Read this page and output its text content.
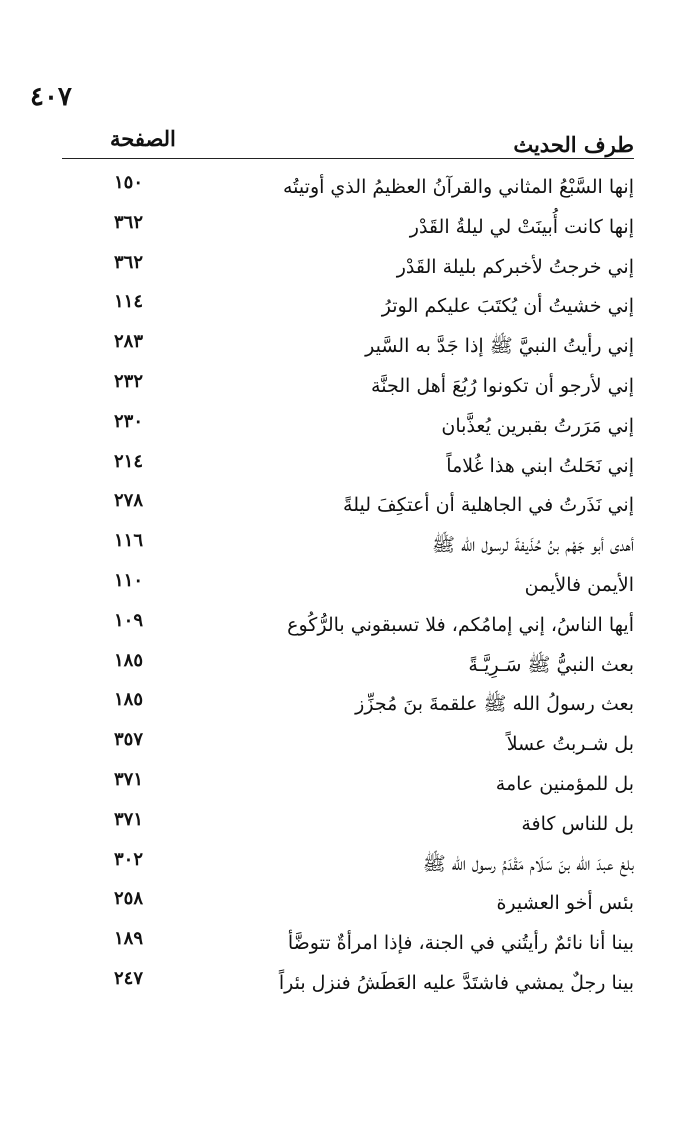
٤٠٧
طرف الحديث
الصفحة
إنها السَّبْعُ المثاني والقرآنُ العظيمُ الذي أوتيتُه
١٥٠
إنها كانت أُبينَتْ لي ليلةُ القَدْر
٣٦٢
إني خرجتُ لأخبركم بليلة القَدْر
٣٦٢
إني خشيتُ أن يُكتَبَ عليكم الوترُ
١١٤
إني رأيتُ النبيَّ ﷺ إذا جَدَّ به السَّير
٢٨٣
إني لأرجو أن تكونوا رُبُعَ أهل الجنَّة
٢٣٢
إني مَرَرتُ بقبرين يُعذَّبان
٢٣٠
إني نَحَلتُ ابني هذا غُلاماً
٢١٤
إني نَذَرتُ في الجاهلية أن أعتكِفَ ليلةً
٢٧٨
أهدى أبو جَهْم بنُ حُذَيفةَ لرسول الله ﷺ
١١٦
الأيمن فالأيمن
١١٠
أيها الناسُ، إني إمامُكم، فلا تسبقوني بالرُّكُوع
١٠٩
بعث النبيُّ ﷺ سَـرِيَّـةً
١٨٥
بعث رسولُ الله ﷺ علقمةَ بنَ مُجزِّز
١٨٥
بل شـربتُ عسلاً
٣٥٧
بل للمؤمنين عامة
٣٧١
بل للناس كافة
٣٧١
بلغ عبدَ الله بنَ سَلَام مَقْدَمُ رسول الله ﷺ
٣٠٢
بئس أخو العشيرة
٢٥٨
بينا أنا نائمٌ رأيتُني في الجنة، فإذا امرأةٌ تتوضَّأ
١٨٩
بينا رجلٌ يمشي فاشتَدَّ عليه العَطَشُ فنزل بئراً
٢٤٧
